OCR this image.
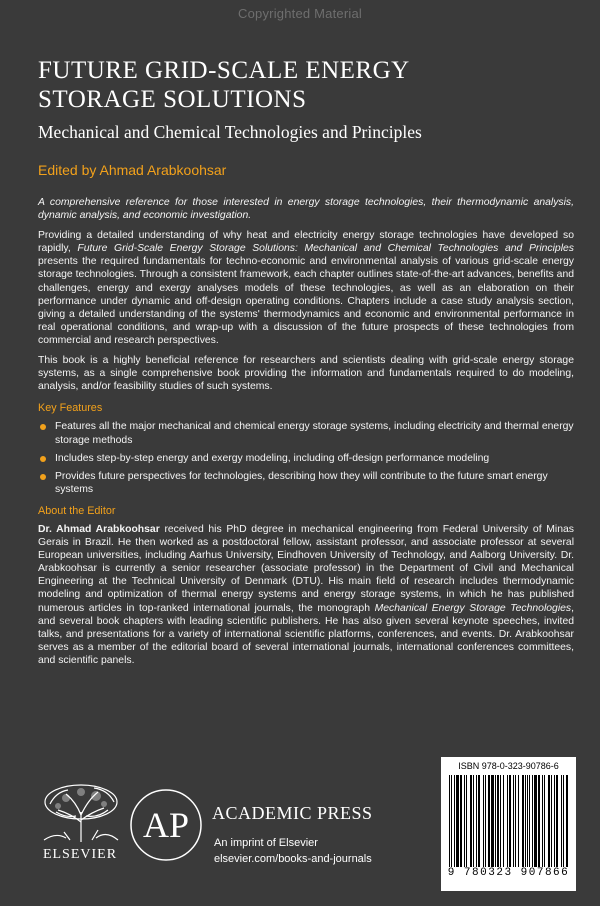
Copyrighted Material
FUTURE GRID-SCALE ENERGY
STORAGE SOLUTIONS
Mechanical and Chemical Technologies and Principles
Edited by Ahmad Arabkoohsar

A comprehensive reference for those interested in energy storage technologies, their thermodynamic analysis, dynamic analysis, and economic investigation.

Providing a detailed understanding of why heat and electricity energy storage technologies have developed so rapidly, Future Grid-Scale Energy Storage Solutions: Mechanical and Chemical Technologies and Principles presents the required fundamentals for techno-economic and environmental analysis of various grid-scale energy storage technologies. Through a consistent framework, each chapter outlines state-of-the-art advances, benefits and challenges, energy and exergy analyses models of these technologies, as well as an elaboration on their performance under dynamic and off-design operating conditions. Chapters include a case study analysis section, giving a detailed understanding of the systems' thermodynamics and economic and environmental performance in real operational conditions, and wrap-up with a discussion of the future prospects of these technologies from commercial and research perspectives.

This book is a highly beneficial reference for researchers and scientists dealing with grid-scale energy storage systems, as a single comprehensive book providing the information and fundamentals required to do modeling, analysis, and/or feasibility studies of such systems.

Key Features
Features all the major mechanical and chemical energy storage systems, including electricity and thermal energy storage methods
Includes step-by-step energy and exergy modeling, including off-design performance modeling
Provides future perspectives for technologies, describing how they will contribute to the future smart energy systems
About the Editor

Dr. Ahmad Arabkoohsar received his PhD degree in mechanical engineering from Federal University of Minas Gerais in Brazil. He then worked as a postdoctoral fellow, assistant professor, and associate professor at several European universities, including Aarhus University, Eindhoven University of Technology, and Aalborg University. Dr. Arabkoohsar is currently a senior researcher (associate professor) in the Department of Civil and Mechanical Engineering at the Technical University of Denmark (DTU). His main field of research includes thermodynamic modeling and optimization of thermal energy systems and energy storage systems, in which he has published numerous articles in top-ranked international journals, the monograph Mechanical Energy Storage Technologies, and several book chapters with leading scientific publishers. He has also given several keynote speeches, invited talks, and presentations for a variety of international scientific platforms, conferences, and events. Dr. Arabkoohsar serves as a member of the editorial board of several international journals, international conferences committees, and scientific panels.

ELSEVIER
AP ACADEMIC PRESS
An imprint of Elsevier
elsevier.com/books-and-journals
ISBN 978-0-323-90786-6
9 780323 907866
